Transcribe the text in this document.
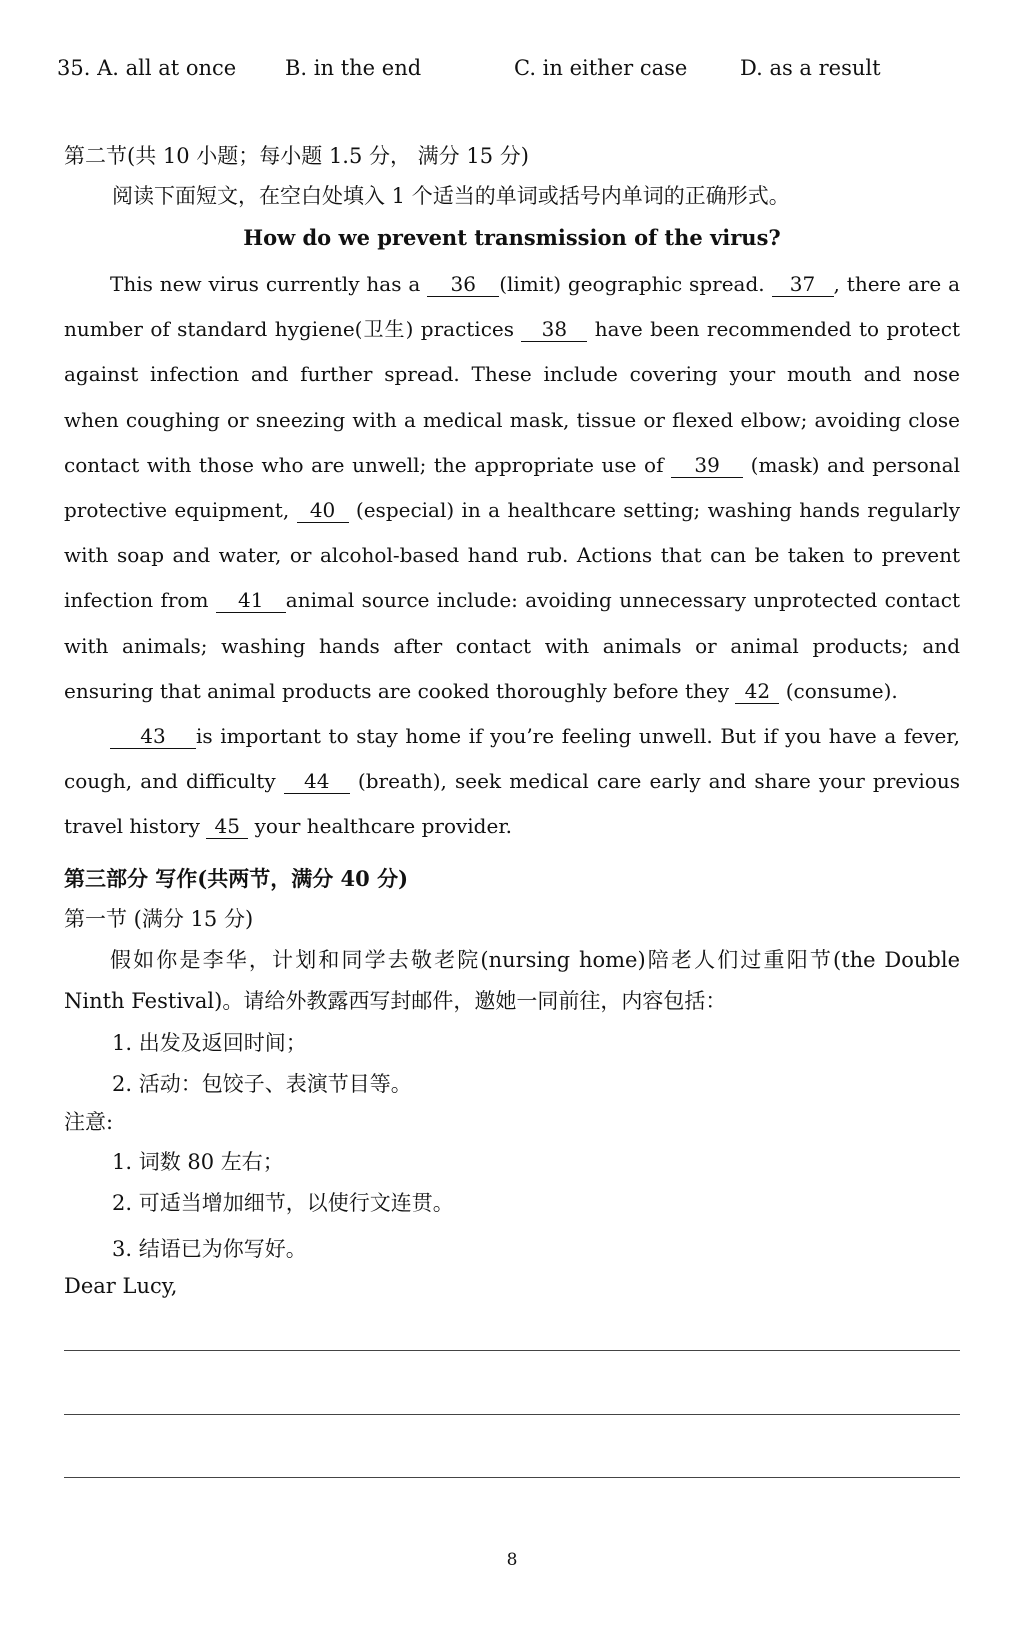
35. A. all at once B. in the end	C. in either case	D. as a result
第二节(共 10 小题；每小题 1.5 分， 满分 15 分)
阅读下面短文，在空白处填入 1 个适当的单词或括号内单词的正确形式。
How do we prevent transmission of the virus?

This new virus currently has a 36 (limit) geographic spread. 37 , there are a number of standard hygiene(卫生) practices 38 have been recommended to protect against infection and further spread. These include covering your mouth and nose when coughing or sneezing with a medical mask, tissue or flexed elbow; avoiding close contact with those who are unwell; the appropriate use of 39 (mask) and personal protective equipment, 40 (especial) in a healthcare setting; washing hands regularly with soap and water, or alcohol-based hand rub. Actions that can be taken to prevent infection from 41 animal source include: avoiding unnecessary unprotected contact with animals; washing hands after contact with animals or animal products; and ensuring that animal products are cooked thoroughly before they 42 (consume).

43 is important to stay home if you’re feeling unwell. But if you have a fever, cough, and difficulty 44 (breath), seek medical care early and share your previous travel history 45 your healthcare provider.

第三部分 写作(共两节，满分 40 分)
第一节 (满分 15 分)
假如你是李华，计划和同学去敬老院(nursing home)陪老人们过重阳节(the Double Ninth Festival)。请给外教露西写封邮件，邀她一同前往，内容包括：
1. 出发及返回时间；
2. 活动：包饺子、表演节目等。
注意:
1. 词数 80 左右；
2. 可适当增加细节，以使行文连贯。
3. 结语已为你写好。
Dear Lucy,
8
